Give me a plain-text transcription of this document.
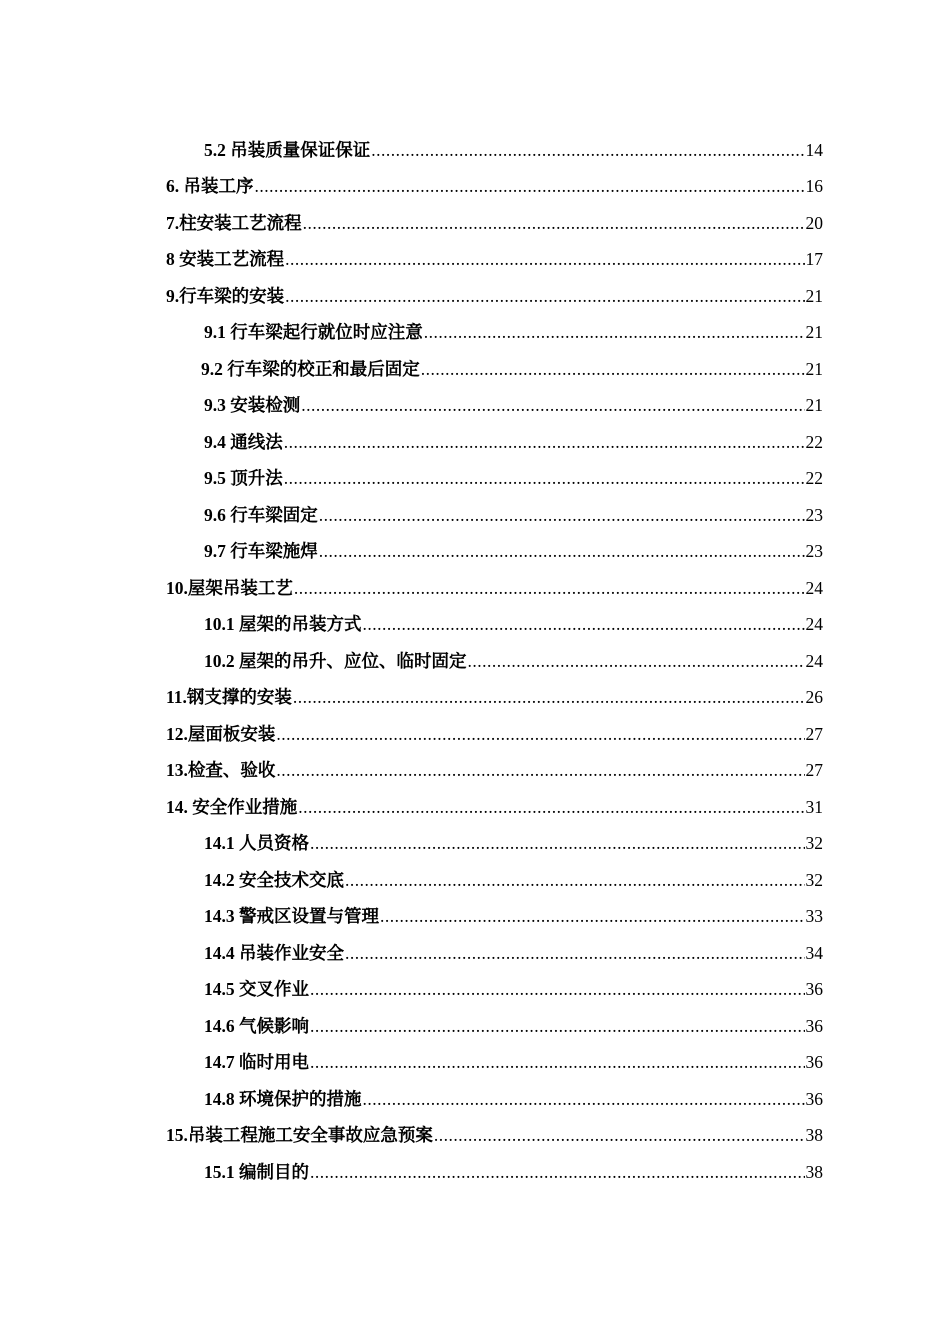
5.2 吊装质量保证保证 .....	14
6. 吊装工序 .....	16
7. 柱安装工艺流程 .....	20
8 安装工艺流程 .....	17
9. 行车梁的安装 .....	21
9.1 行车梁起行就位时应注意 .....	21
9.2 行车梁的校正和最后固定 .....	21
9.3 安装检测 .....	21
9.4 通线法 .....	22
9.5 顶升法 .....	22
9.6 行车梁固定 .....	23
9.7 行车梁施焊 .....	23
10. 屋架吊装工艺 .....	24
10.1 屋架的吊装方式 .....	24
10.2 屋架的吊升、应位、临时固定 .....	24
11. 钢支撑的安装 .....	26
12. 屋面板安装 .....	27
13. 检查、验收 .....	27
14. 安全作业措施 .....	31
14.1 人员资格 .....	32
14.2 安全技术交底 .....	32
14.3 警戒区设置与管理 .....	33
14.4 吊装作业安全 .....	34
14.5 交叉作业 .....	36
14.6 气候影响 .....	36
14.7 临时用电 .....	36
14.8 环境保护的措施 .....	36
15. 吊装工程施工安全事故应急预案 .....	38
15.1 编制目的 .....	38
